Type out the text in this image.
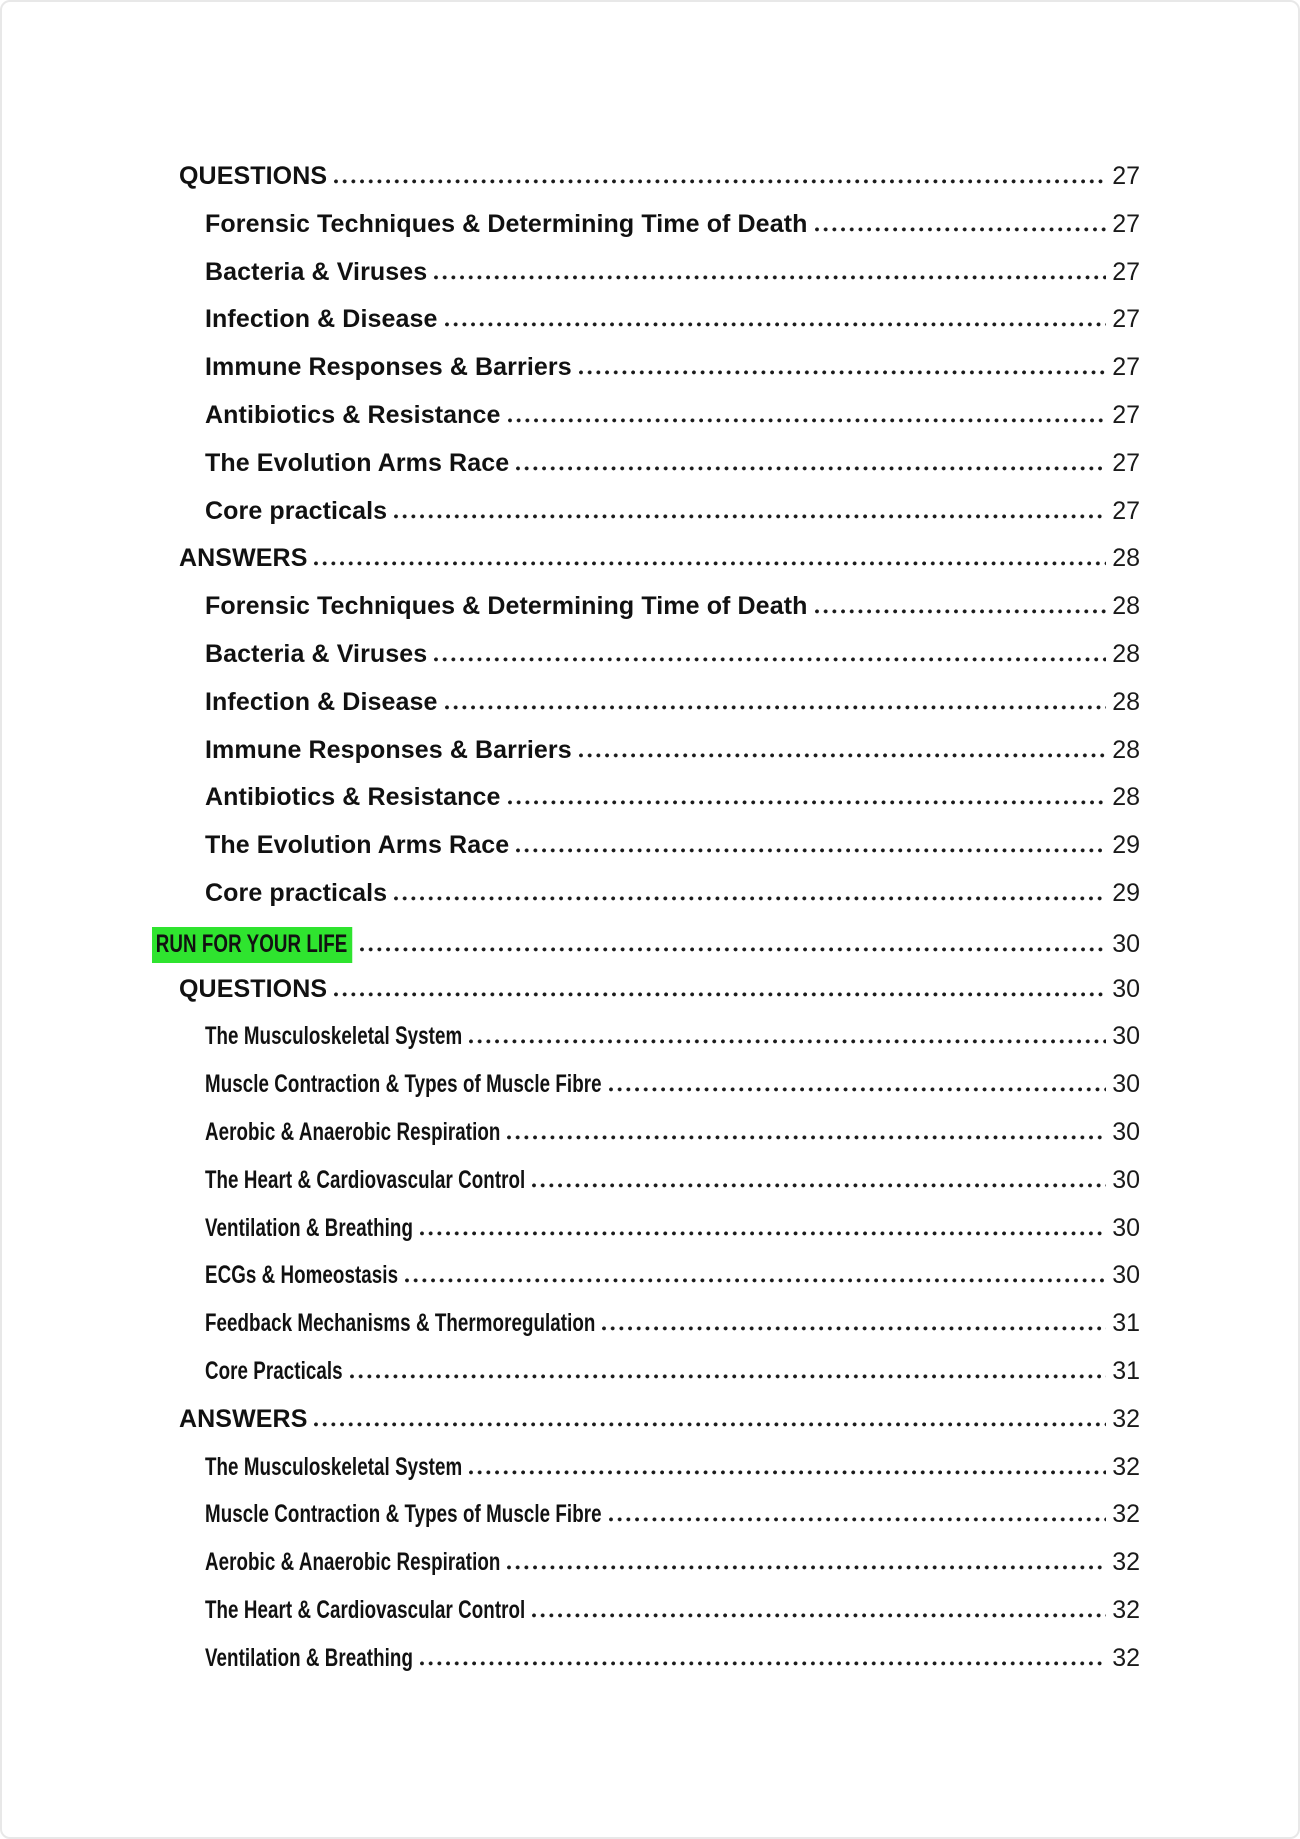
QUESTIONS	27
Forensic Techniques & Determining Time of Death	27
Bacteria & Viruses	27
Infection & Disease	27
Immune Responses & Barriers	27
Antibiotics & Resistance	27
The Evolution Arms Race	27
Core practicals	27
ANSWERS	28
Forensic Techniques & Determining Time of Death	28
Bacteria & Viruses	28
Infection & Disease	28
Immune Responses & Barriers	28
Antibiotics & Resistance	28
The Evolution Arms Race	29
Core practicals	29
RUN FOR YOUR LIFE	30
QUESTIONS	30
The Musculoskeletal System	30
Muscle Contraction & Types of Muscle Fibre	30
Aerobic & Anaerobic Respiration	30
The Heart & Cardiovascular Control	30
Ventilation & Breathing	30
ECGs & Homeostasis	30
Feedback Mechanisms & Thermoregulation	31
Core Practicals	31
ANSWERS	32
The Musculoskeletal System	32
Muscle Contraction & Types of Muscle Fibre	32
Aerobic & Anaerobic Respiration	32
The Heart & Cardiovascular Control	32
Ventilation & Breathing	32
